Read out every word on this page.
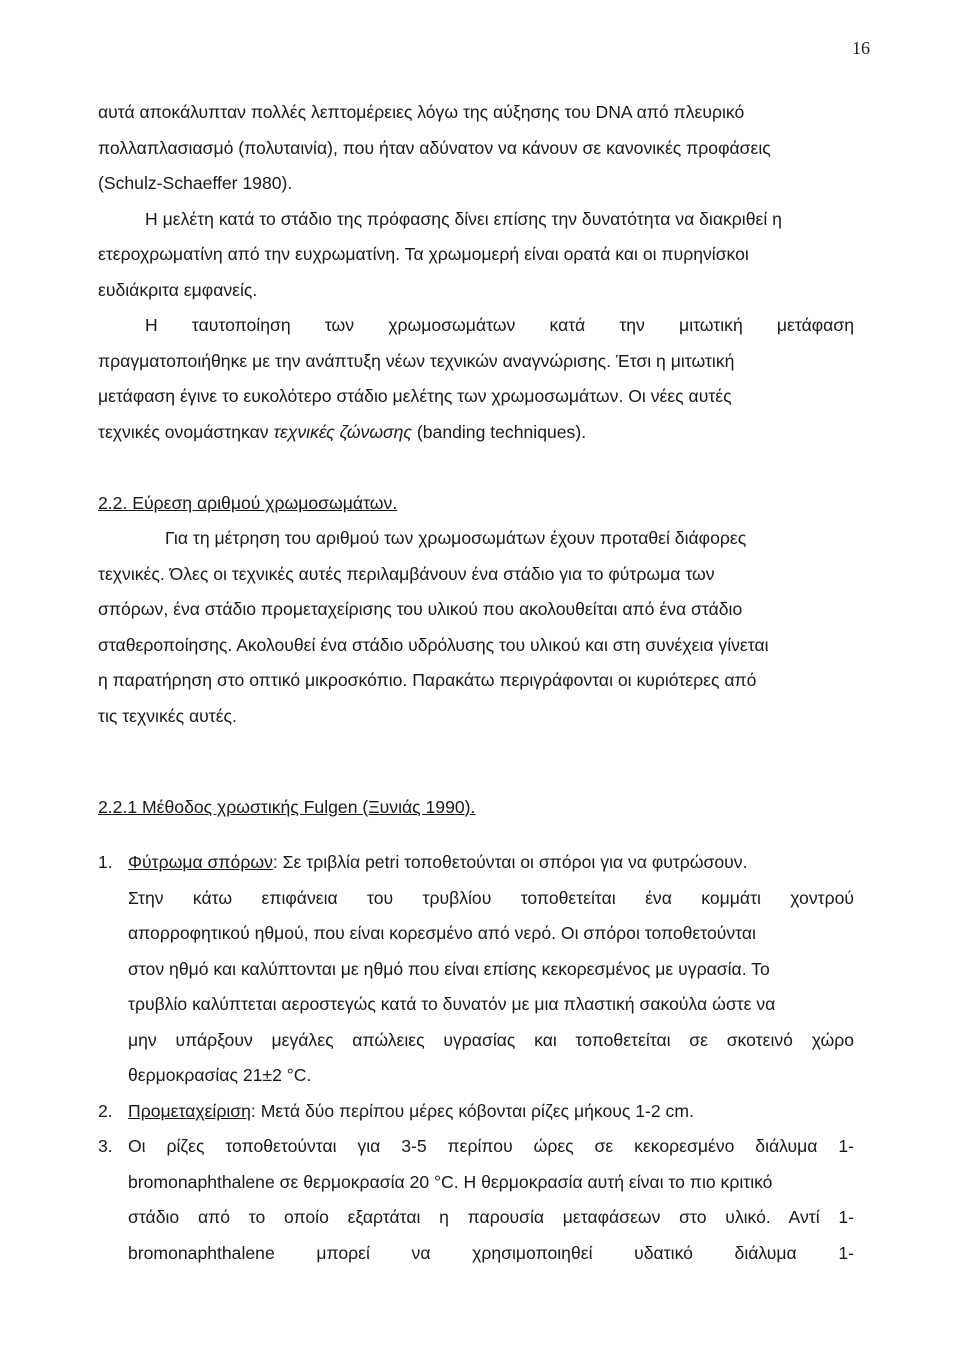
16
αυτά αποκάλυπταν πολλές λεπτομέρειες λόγω της αύξησης του DNA από πλευρικό
πολλαπλασιασμό (πολυταινία), που ήταν αδύνατον να κάνουν σε κανονικές προφάσεις
(Schulz-Schaeffer 1980).
Η μελέτη κατά το στάδιο της πρόφασης δίνει επίσης την δυνατότητα να διακριθεί η
ετεροχρωματίνη από την ευχρωματίνη. Τα χρωμομερή είναι ορατά και οι πυρηνίσκοι
ευδιάκριτα εμφανείς.
Η ταυτοποίηση των χρωμοσωμάτων κατά την μιτωτική μετάφαση
πραγματοποιήθηκε με την ανάπτυξη νέων τεχνικών αναγνώρισης. Έτσι η μιτωτική
μετάφαση έγινε το ευκολότερο στάδιο μελέτης των χρωμοσωμάτων. Οι νέες αυτές
τεχνικές ονομάστηκαν τεχνικές ζώνωσης (banding techniques).
2.2. Εύρεση αριθμού χρωμοσωμάτων.
Για τη μέτρηση του αριθμού των χρωμοσωμάτων έχουν προταθεί διάφορες
τεχνικές. Όλες οι τεχνικές αυτές περιλαμβάνουν ένα στάδιο για το φύτρωμα των
σπόρων, ένα στάδιο προμεταχείρισης του υλικού που ακολουθείται από ένα στάδιο
σταθεροποίησης. Ακολουθεί ένα στάδιο υδρόλυσης του υλικού και στη συνέχεια γίνεται
η παρατήρηση στο οπτικό μικροσκόπιο. Παρακάτω περιγράφονται οι κυριότερες από
τις τεχνικές αυτές.
2.2.1 Μέθοδος χρωστικής Fulgen (Ξυνιάς 1990).
1. Φύτρωμα σπόρων: Σε τριβλία petri τοποθετούνται οι σπόροι για να φυτρώσουν.
Στην κάτω επιφάνεια του τρυβλίου τοποθετείται ένα κομμάτι χοντρού
απορροφητικού ηθμού, που είναι κορεσμένο από νερό. Οι σπόροι τοποθετούνται
στον ηθμό και καλύπτονται με ηθμό που είναι επίσης κεκορεσμένος με υγρασία. Το
τρυβλίο καλύπτεται αεροστεγώς κατά το δυνατόν με μια πλαστική σακούλα ώστε να
μην υπάρξουν μεγάλες απώλειες υγρασίας και τοποθετείται σε σκοτεινό χώρο
θερμοκρασίας 21±2 °C.
2. Προμεταχείριση: Μετά δύο περίπου μέρες κόβονται ρίζες μήκους 1-2 cm.
3. Οι ρίζες τοποθετούνται για 3-5 περίπου ώρες σε κεκορεσμένο διάλυμα 1-
bromonaphthalene σε θερμοκρασία 20 °C. Η θερμοκρασία αυτή είναι το πιο κριτικό
στάδιο από το οποίο εξαρτάται η παρουσία μεταφάσεων στο υλικό. Αντί 1-
bromonaphthalene μπορεί να χρησιμοποιηθεί υδατικό διάλυμα 1-
